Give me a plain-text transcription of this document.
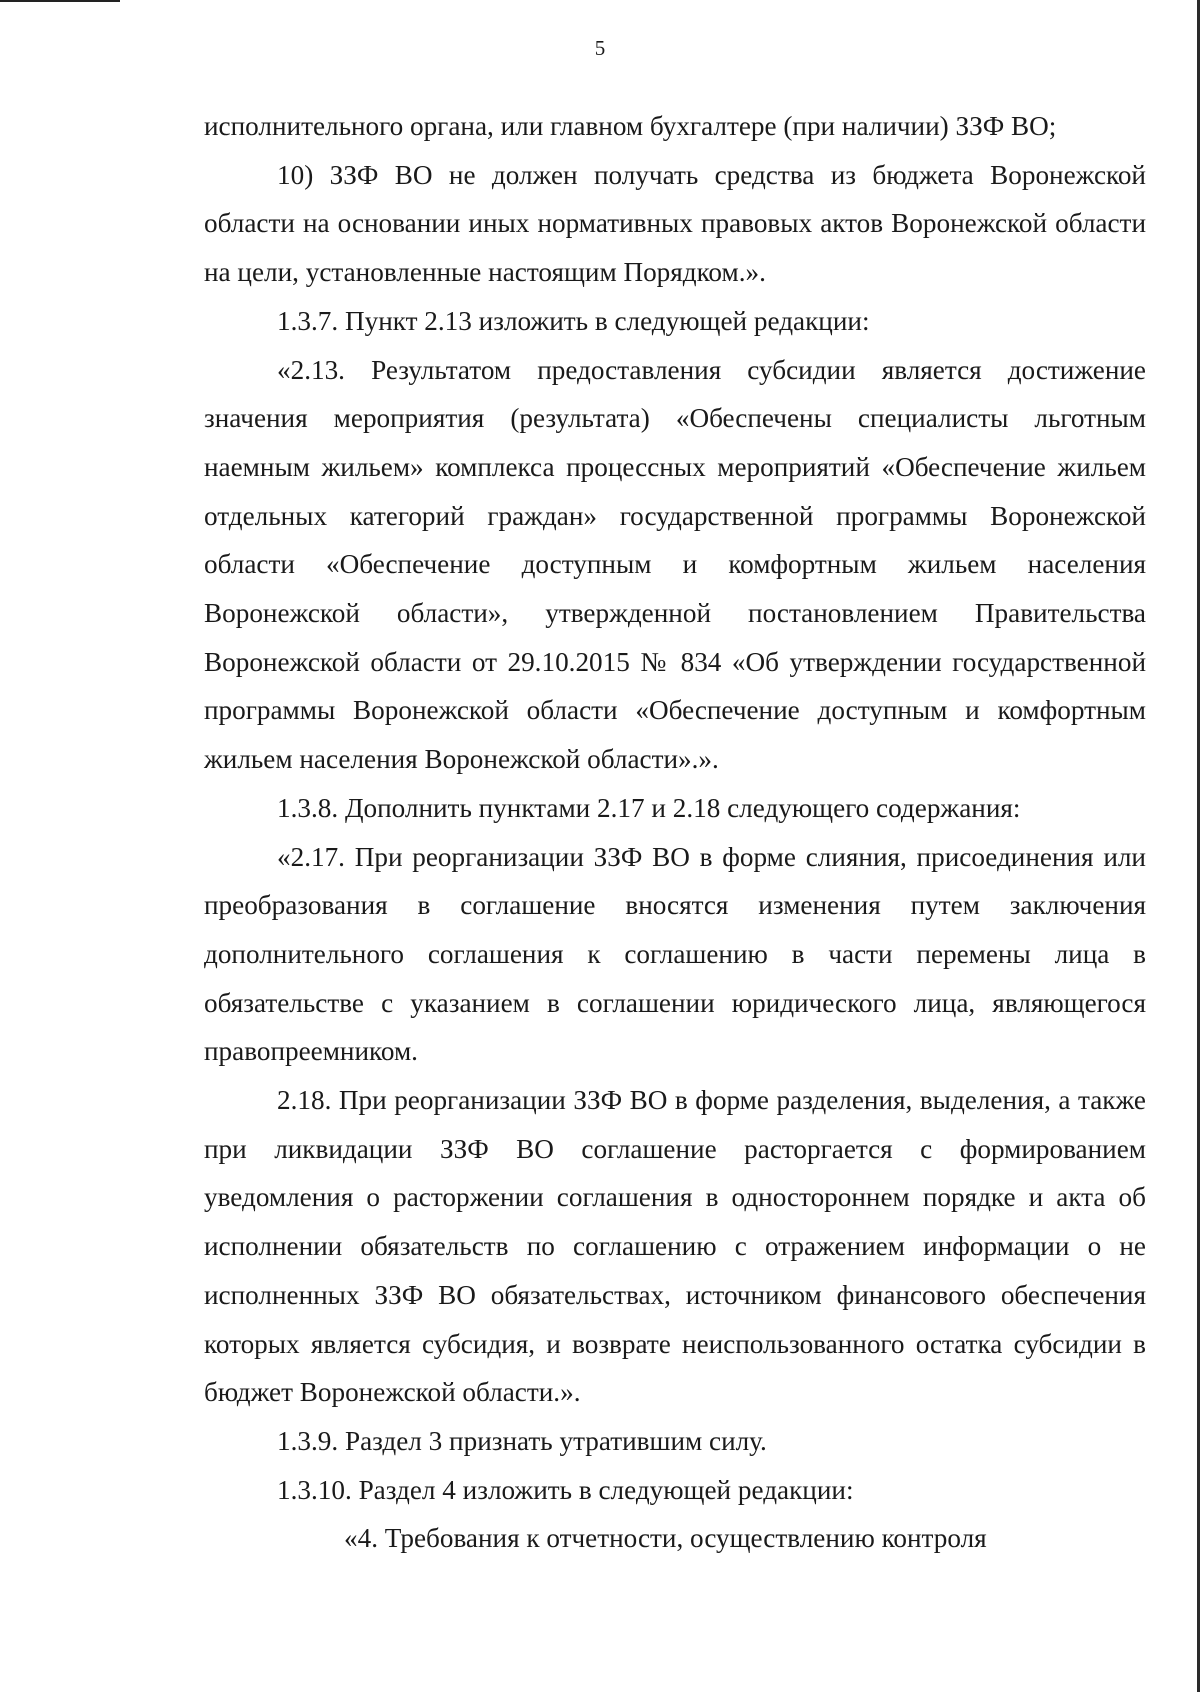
5

исполнительного органа, или главном бухгалтере (при наличии) ЗЗФ ВО;

10) ЗЗФ ВО не должен получать средства из бюджета Воронежской области на основании иных нормативных правовых актов Воронежской области на цели, установленные настоящим Порядком.».

1.3.7. Пункт 2.13 изложить в следующей редакции:

«2.13. Результатом предоставления субсидии является достижение значения мероприятия (результата) «Обеспечены специалисты льготным наемным жильем» комплекса процессных мероприятий «Обеспечение жильем отдельных категорий граждан» государственной программы Воронежской области «Обеспечение доступным и комфортным жильем населения Воронежской области», утвержденной постановлением Правительства Воронежской области от 29.10.2015 № 834 «Об утверждении государственной программы Воронежской области «Обеспечение доступным и комфортным жильем населения Воронежской области».».

1.3.8. Дополнить пунктами 2.17 и 2.18 следующего содержания:

«2.17. При реорганизации ЗЗФ ВО в форме слияния, присоединения или преобразования в соглашение вносятся изменения путем заключения дополнительного соглашения к соглашению в части перемены лица в обязательстве с указанием в соглашении юридического лица, являющегося правопреемником.

2.18. При реорганизации ЗЗФ ВО в форме разделения, выделения, а также при ликвидации ЗЗФ ВО соглашение расторгается с формированием уведомления о расторжении соглашения в одностороннем порядке и акта об исполнении обязательств по соглашению с отражением информации о не исполненных ЗЗФ ВО обязательствах, источником финансового обеспечения которых является субсидия, и возврате неиспользованного остатка субсидии в бюджет Воронежской области.».

1.3.9. Раздел 3 признать утратившим силу.

1.3.10. Раздел 4 изложить в следующей редакции:

«4. Требования к отчетности, осуществлению контроля
